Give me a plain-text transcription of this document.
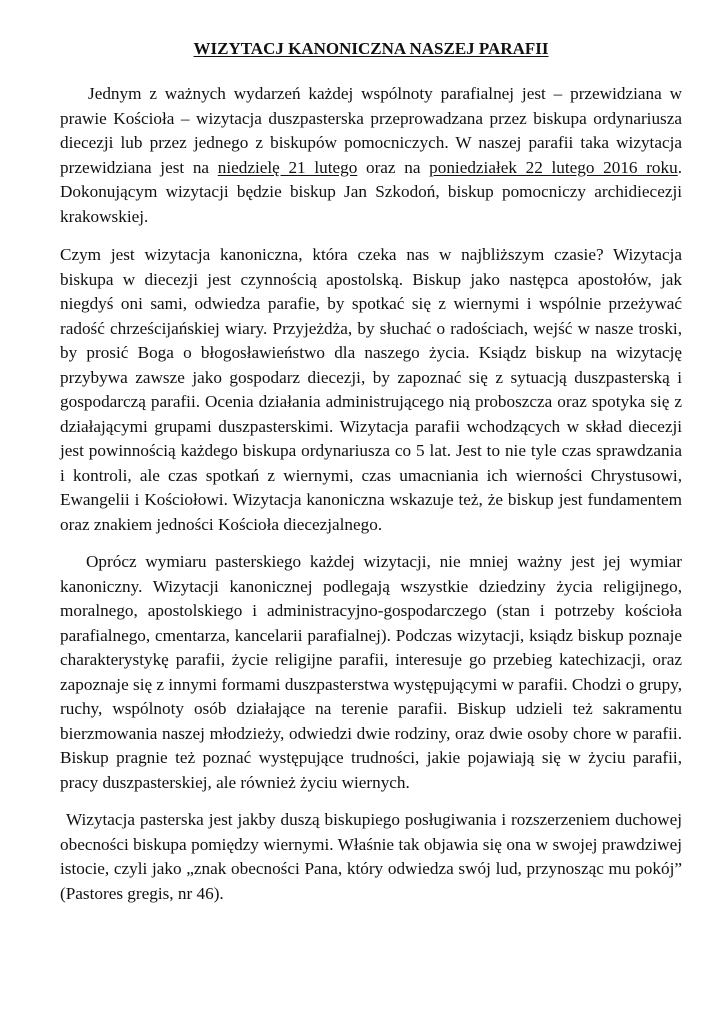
WIZYTACJ KANONICZNA NASZEJ PARAFII

Jednym z ważnych wydarzeń każdej wspólnoty parafialnej jest – przewidziana w prawie Kościoła – wizytacja duszpasterska przeprowadzana przez biskupa ordynariusza diecezji lub przez jednego z biskupów pomocniczych. W naszej parafii taka wizytacja przewidziana jest na niedzielę 21 lutego oraz na poniedziałek 22 lutego 2016 roku. Dokonującym wizytacji będzie biskup Jan Szkodoń, biskup pomocniczy archidiecezji krakowskiej.

Czym jest wizytacja kanoniczna, która czeka nas w najbliższym czasie? Wizytacja biskupa w diecezji jest czynnością apostolską. Biskup jako następca apostołów, jak niegdyś oni sami, odwiedza parafie, by spotkać się z wiernymi i wspólnie przeżywać radość chrześcijańskiej wiary. Przyjeżdża, by słuchać o radościach, wejść w nasze troski, by prosić Boga o błogosławieństwo dla naszego życia. Ksiądz biskup na wizytację przybywa zawsze jako gospodarz diecezji, by zapoznać się z sytuacją duszpasterską i gospodarczą parafii. Ocenia działania administrującego nią proboszcza oraz spotyka się z działającymi grupami duszpasterskimi. Wizytacja parafii wchodzących w skład diecezji jest powinnością każdego biskupa ordynariusza co 5 lat. Jest to nie tyle czas sprawdzania i kontroli, ale czas spotkań z wiernymi, czas umacniania ich wierności Chrystusowi, Ewangelii i Kościołowi. Wizytacja kanoniczna wskazuje też, że biskup jest fundamentem oraz znakiem jedności Kościoła diecezjalnego.

Oprócz wymiaru pasterskiego każdej wizytacji, nie mniej ważny jest jej wymiar kanoniczny. Wizytacji kanonicznej podlegają wszystkie dziedziny życia religijnego, moralnego, apostolskiego i administracyjno-gospodarczego (stan i potrzeby kościoła parafialnego, cmentarza, kancelarii parafialnej). Podczas wizytacji, ksiądz biskup poznaje charakterystykę parafii, życie religijne parafii, interesuje go przebieg katechizacji, oraz zapoznaje się z innymi formami duszpasterstwa występującymi w parafii. Chodzi o grupy, ruchy, wspólnoty osób działające na terenie parafii. Biskup udzieli też sakramentu bierzmowania naszej młodzieży, odwiedzi dwie rodziny, oraz dwie osoby chore w parafii. Biskup pragnie też poznać występujące trudności, jakie pojawiają się w życiu parafii, pracy duszpasterskiej, ale również życiu wiernych.

Wizytacja pasterska jest jakby duszą biskupiego posługiwania i rozszerzeniem duchowej obecności biskupa pomiędzy wiernymi. Właśnie tak objawia się ona w swojej prawdziwej istocie, czyli jako „znak obecności Pana, który odwiedza swój lud, przynosząc mu pokój” (Pastores gregis, nr 46).
